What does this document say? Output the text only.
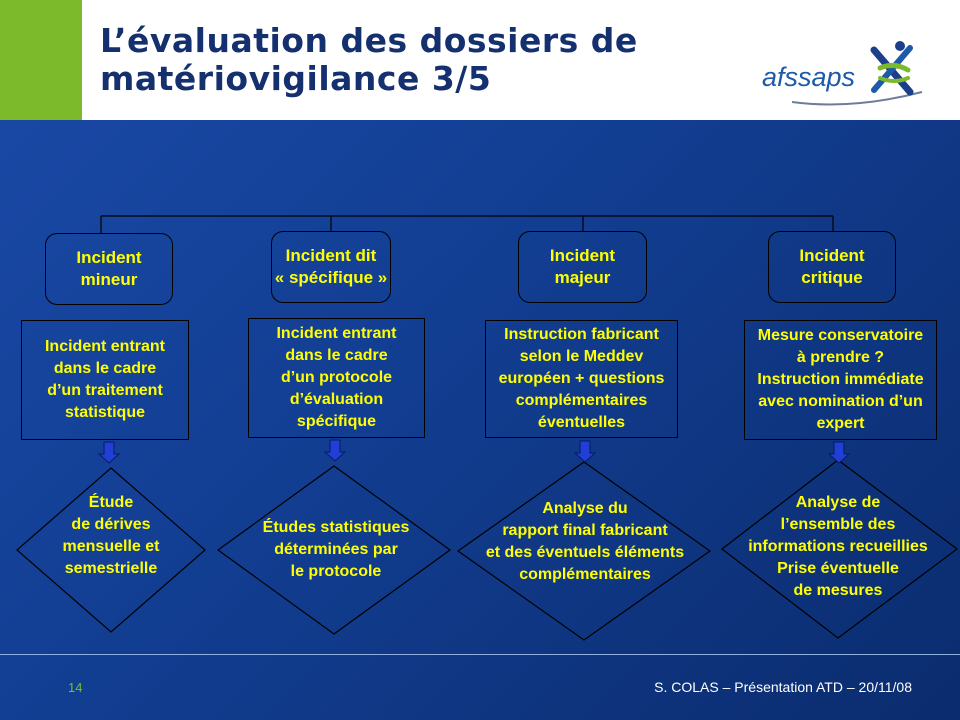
L’évaluation des dossiers de
matériovigilance 3/5	afssaps
Incident
mineur
Incident entrant
dans le cadre
d’un traitement
statistique
Étude
de dérives
mensuelle et
semestrielle
Incident dit
« spécifique »
Incident entrant
dans le cadre
d’un protocole
d’évaluation
spécifique
Études statistiques
déterminées par
le protocole
Incident
majeur
Instruction fabricant
selon le Meddev
européen + questions
complémentaires
éventuelles
Analyse du
rapport final fabricant
et des éventuels éléments
complémentaires
Incident
critique
Mesure conservatoire
à prendre ?
Instruction immédiate
avec nomination d’un
expert
Analyse de
l’ensemble des
informations recueillies
Prise éventuelle
de mesures
14	S. COLAS – Présentation ATD – 20/11/08
